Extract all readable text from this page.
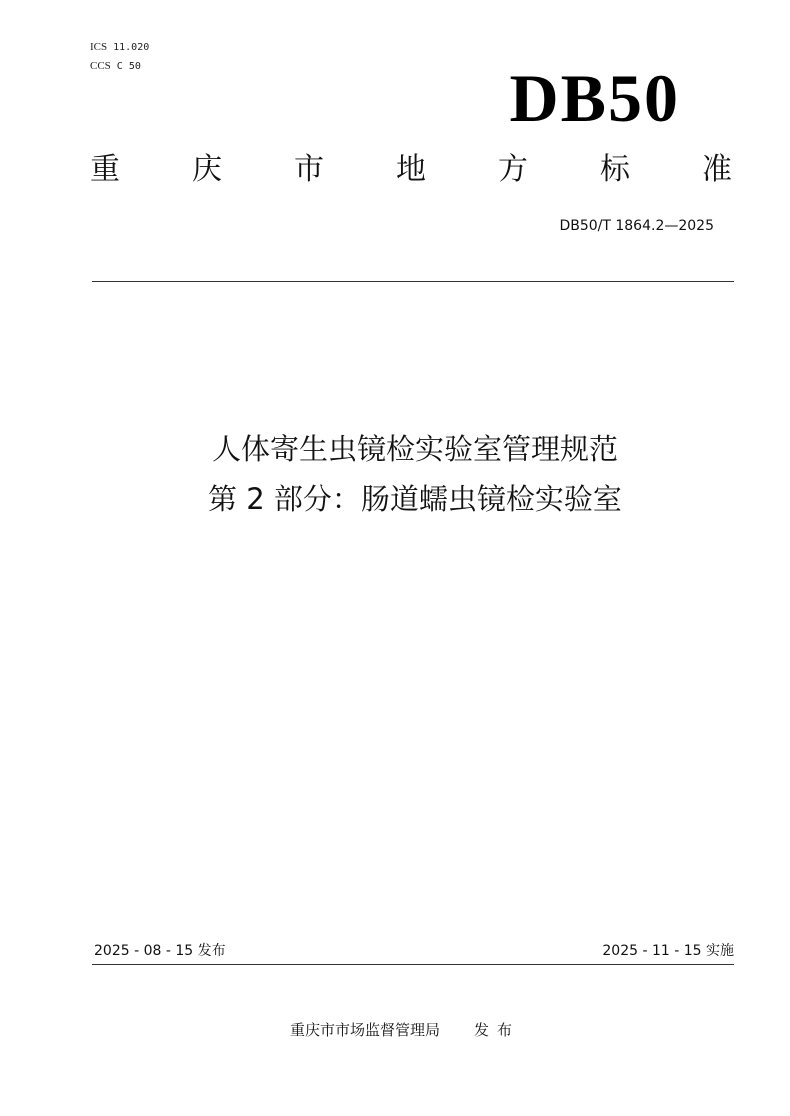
ICS 11.020
CCS C 50	DB50
重 庆 市 地 方 标 准
DB50/T 1864.2—2025
人体寄生虫镜检实验室管理规范
第 2 部分：肠道蠕虫镜检实验室
2025 - 08 - 15 发布	2025 - 11 - 15 实施
重庆市市场监督管理局 发布
